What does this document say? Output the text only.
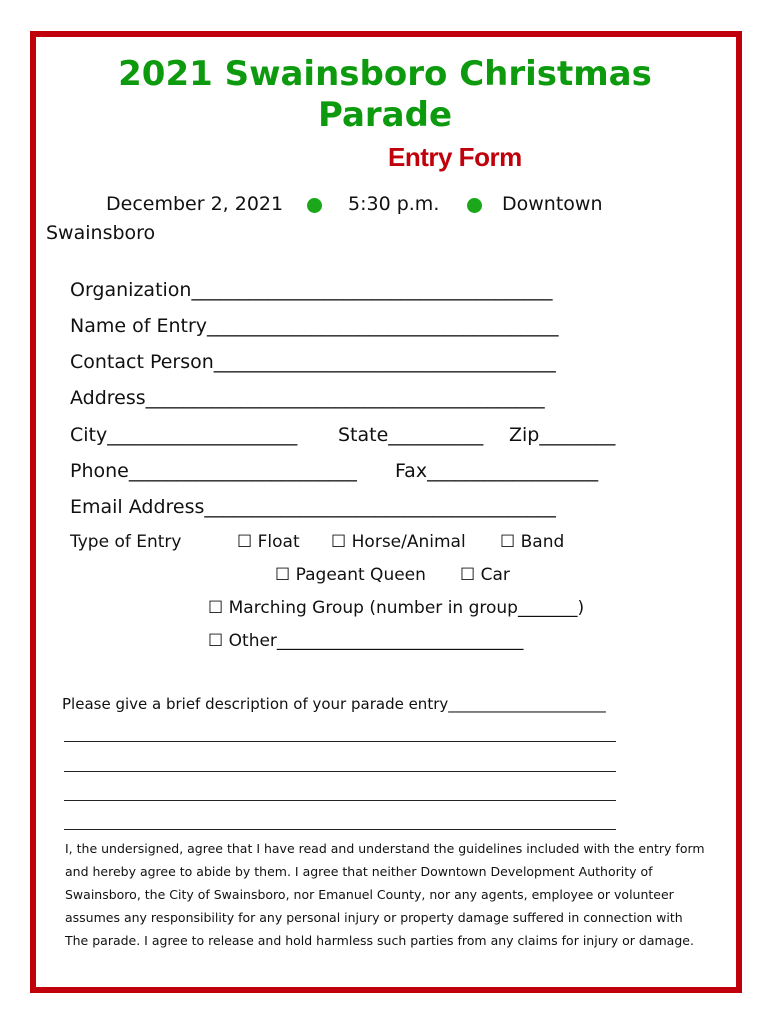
2021 Swainsboro Christmas
Parade
Entry Form
December 2, 2021	5:30 p.m.	Downtown
Swainsboro
Organization______________________________________
Name of Entry_____________________________________
Contact Person____________________________________
Address__________________________________________
City____________________ State__________ Zip________
Phone________________________ Fax__________________
Email Address_____________________________________
Type of Entry	☐ Float ☐ Horse/Animal ☐ Band
☐ Pageant Queen ☐ Car
☐ Marching Group (number in group_______)
☐ Other_____________________________
Please give a brief description of your parade entry_____________________
I, the undersigned, agree that I have read and understand the guidelines included with the entry form
and hereby agree to abide by them. I agree that neither Downtown Development Authority of
Swainsboro, the City of Swainsboro, nor Emanuel County, nor any agents, employee or volunteer
assumes any responsibility for any personal injury or property damage suffered in connection with
The parade. I agree to release and hold harmless such parties from any claims for injury or damage.
